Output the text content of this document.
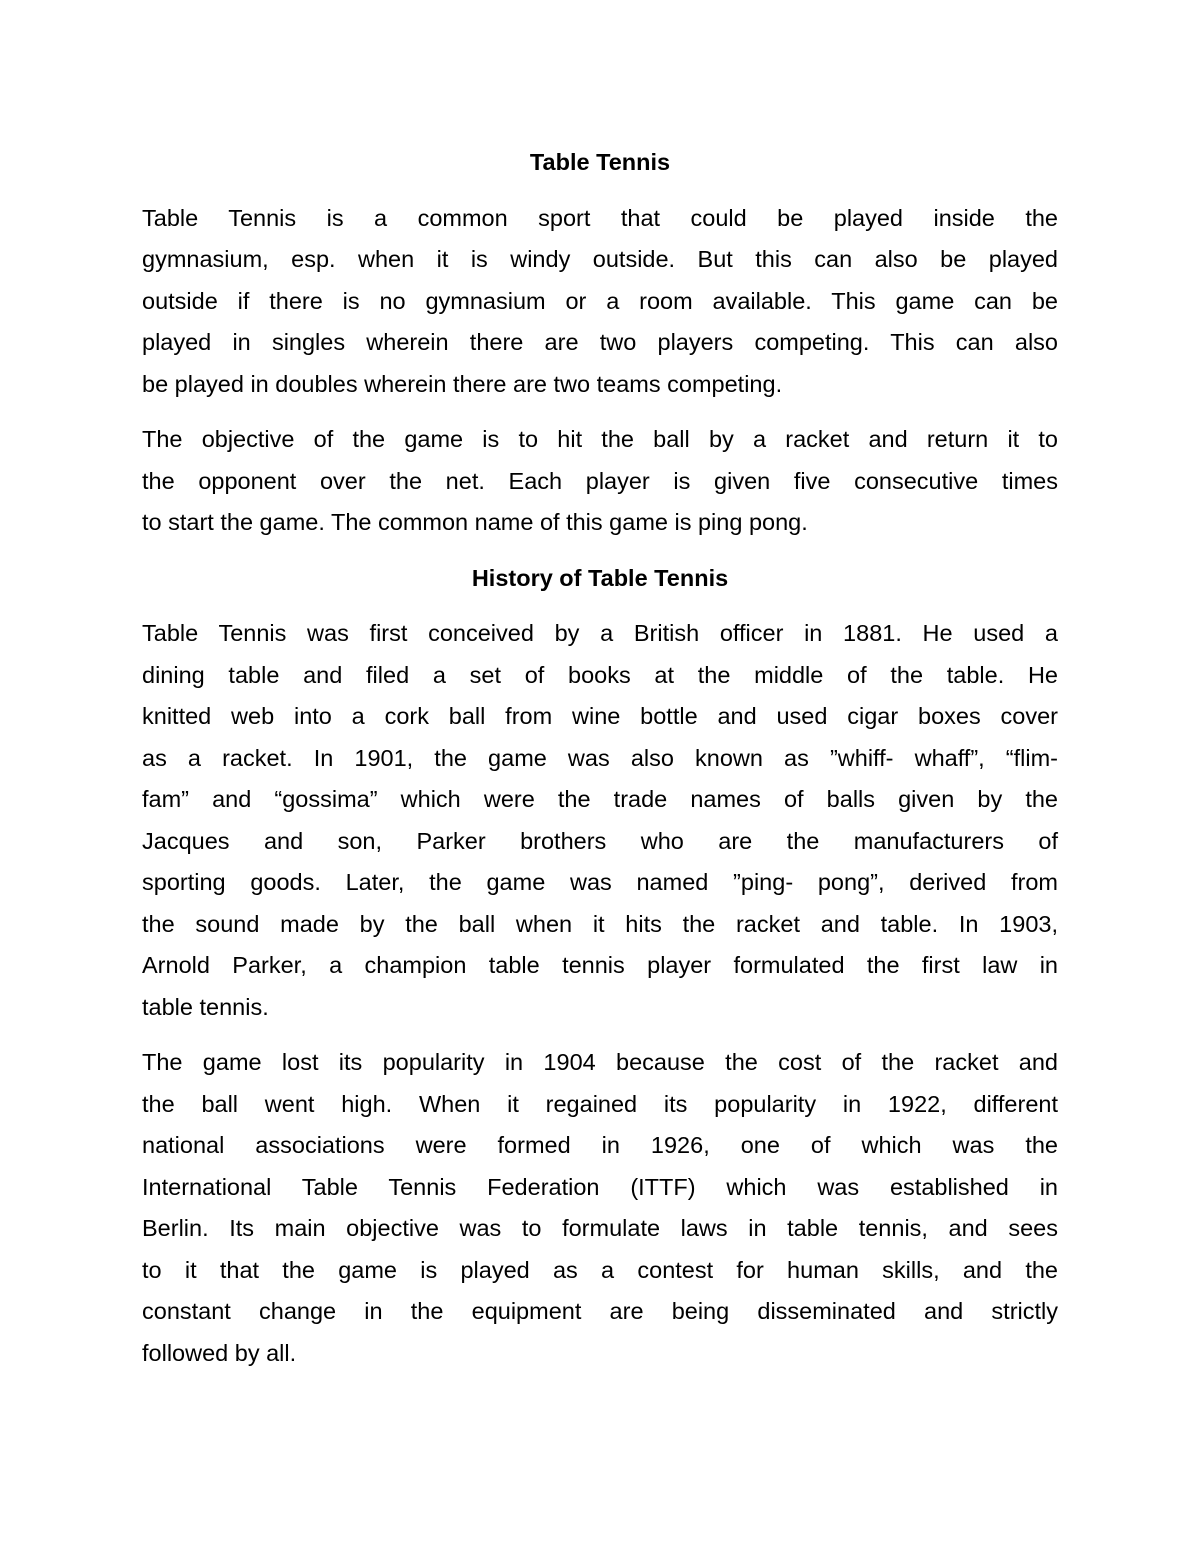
Table Tennis

Table Tennis is a common sport that could be played inside the
gymnasium, esp. when it is windy outside. But this can also be played
outside if there is no gymnasium or a room available. This game can be
played in singles wherein there are two players competing. This can also
be played in doubles wherein there are two teams competing.

The objective of the game is to hit the ball by a racket and return it to
the opponent over the net. Each player is given five consecutive times
to start the game. The common name of this game is ping pong.

History of Table Tennis

Table Tennis was first conceived by a British officer in 1881. He used a
dining table and filed a set of books at the middle of the table. He
knitted web into a cork ball from wine bottle and used cigar boxes cover
as a racket. In 1901, the game was also known as ”whiff- whaff”, “flim-
fam” and “gossima” which were the trade names of balls given by the
Jacques and son, Parker brothers who are the manufacturers of
sporting goods. Later, the game was named ”ping- pong”, derived from
the sound made by the ball when it hits the racket and table. In 1903,
Arnold Parker, a champion table tennis player formulated the first law in
table tennis.

The game lost its popularity in 1904 because the cost of the racket and
the ball went high. When it regained its popularity in 1922, different
national associations were formed in 1926, one of which was the
International Table Tennis Federation (ITTF) which was established in
Berlin. Its main objective was to formulate laws in table tennis, and sees
to it that the game is played as a contest for human skills, and the
constant change in the equipment are being disseminated and strictly
followed by all.
